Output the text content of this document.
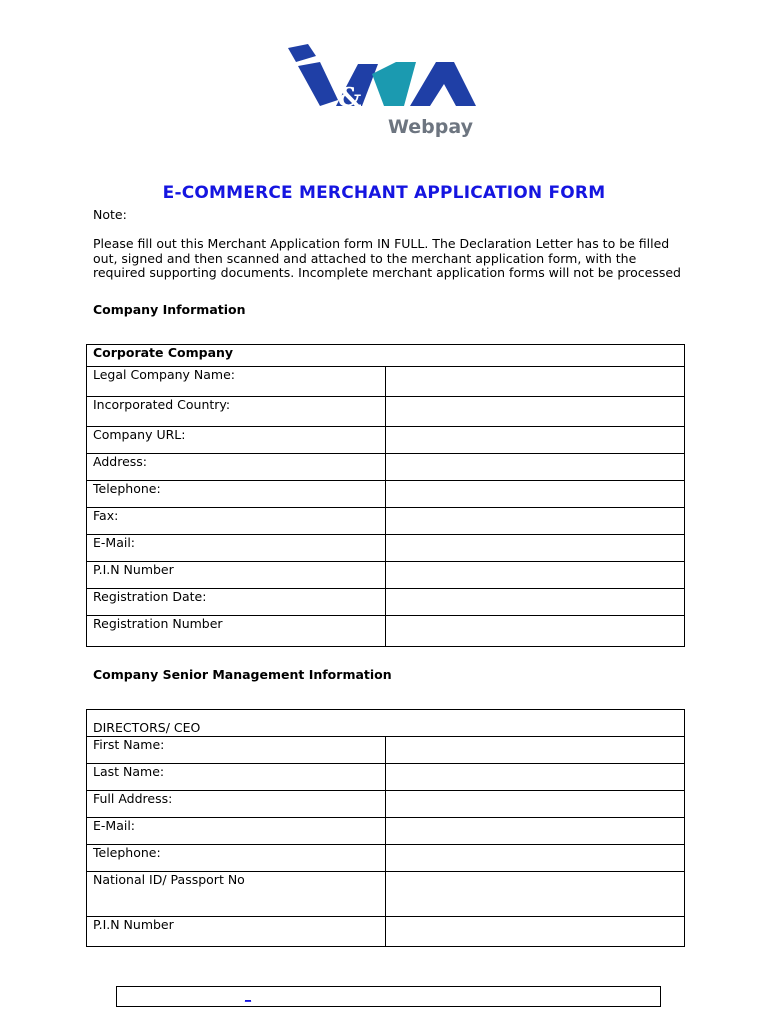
&
Webpay
E-COMMERCE MERCHANT APPLICATION FORM
Note:
Please fill out this Merchant Application form IN FULL. The Declaration Letter has to be filled out, signed and then scanned and attached to the merchant application form, with the required supporting documents. Incomplete merchant application forms will not be processed
Company Information
Corporate Company	
Legal Company Name:	
Incorporated Country:	
Company URL:	
Address:	
Telephone:	
Fax:	
E-Mail:	
P.I.N Number	
Registration Date:	
Registration Number	
Company Senior Management Information
DIRECTORS/ CEO	
First Name:	
Last Name:	
Full Address:	
E-Mail:	
Telephone:	
National ID/ Passport No	
P.I.N Number	
_
